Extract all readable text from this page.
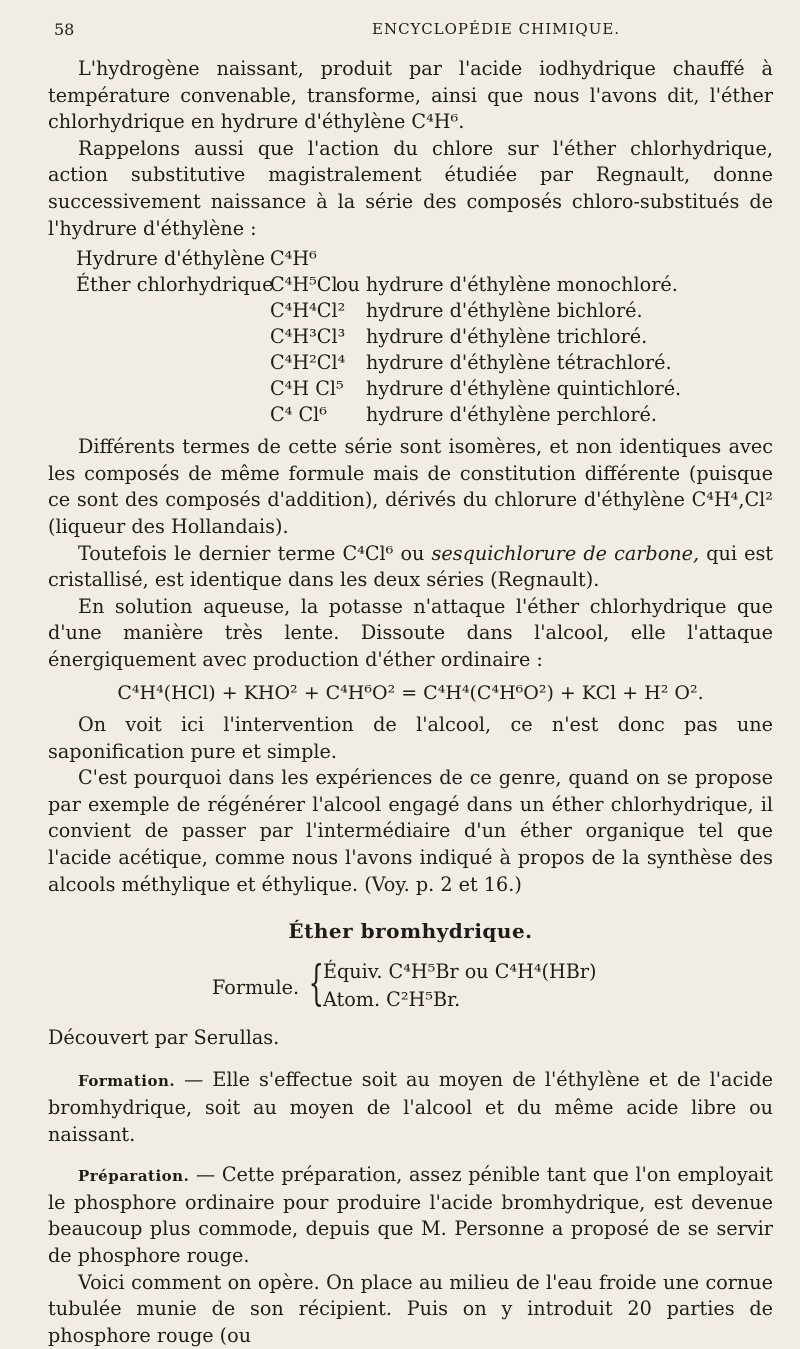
58	ENCYCLOPÉDIE CHIMIQUE.

L'hydrogène naissant, produit par l'acide iodhydrique chauffé à température convenable, transforme, ainsi que nous l'avons dit, l'éther chlorhydrique en hydrure d'éthylène C⁴H⁶.

Rappelons aussi que l'action du chlore sur l'éther chlorhydrique, action substitutive magistralement étudiée par Regnault, donne successivement naissance à la série des composés chloro-substitués de l'hydrure d'éthylène :

Hydrure d'éthylène C⁴H⁶
Éther chlorhydrique
C⁴H⁵Cl
ou hydrure d'éthylène monochloré.
C⁴H⁴Cl² hydrure d'éthylène bichloré.
C⁴H³Cl³ hydrure d'éthylène trichloré.
C⁴H²Cl⁴ hydrure d'éthylène tétrachloré.
C⁴H Cl⁵ hydrure d'éthylène quintichloré.
C⁴ Cl⁶ hydrure d'éthylène perchloré.

Différents termes de cette série sont isomères, et non identiques avec les composés de même formule mais de constitution différente (puisque ce sont des composés d'addition), dérivés du chlorure d'éthylène C⁴H⁴,Cl² (liqueur des Hollandais).

Toutefois le dernier terme C⁴Cl⁶ ou sesquichlorure de carbone, qui est cristallisé, est identique dans les deux séries (Regnault).

En solution aqueuse, la potasse n'attaque l'éther chlorhydrique que d'une manière très lente. Dissoute dans l'alcool, elle l'attaque énergiquement avec production d'éther ordinaire :

C⁴H⁴(HCl) + KHO² + C⁴H⁶O² = C⁴H⁴(C⁴H⁶O²) + KCl + H² O².

On voit ici l'intervention de l'alcool, ce n'est donc pas une saponification pure et simple.

C'est pourquoi dans les expériences de ce genre, quand on se propose par exemple de régénérer l'alcool engagé dans un éther chlorhydrique, il convient de passer par l'intermédiaire d'un éther organique tel que l'acide acétique, comme nous l'avons indiqué à propos de la synthèse des alcools méthylique et éthylique. (Voy. p. 2 et 16.)

Éther bromhydrique.
Formule. { Équiv. C⁴H⁵Br ou C⁴H⁴(HBr)
Atom. C²H⁵Br.

Découvert par Serullas.

Formation. — Elle s'effectue soit au moyen de l'éthylène et de l'acide bromhydrique, soit au moyen de l'alcool et du même acide libre ou naissant.

Préparation. — Cette préparation, assez pénible tant que l'on employait le phosphore ordinaire pour produire l'acide bromhydrique, est devenue beaucoup plus commode, depuis que M. Personne a proposé de se servir de phosphore rouge.

Voici comment on opère. On place au milieu de l'eau froide une cornue tubulée munie de son récipient. Puis on y introduit 20 parties de phosphore rouge (ou
